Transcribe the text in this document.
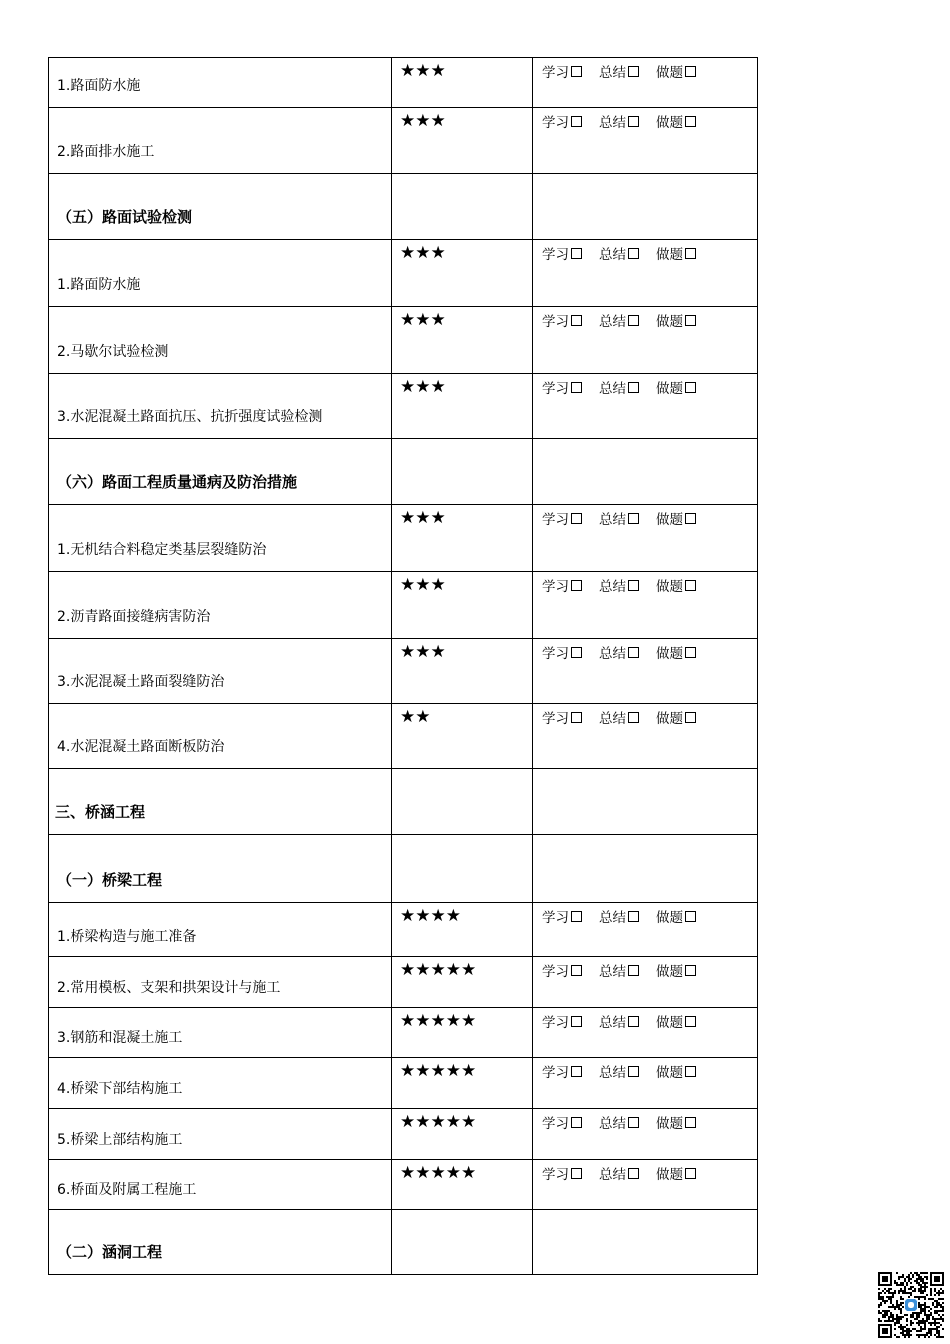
1.路面防水施	★★★	学习 总结 做题

2.路面排水施工	★★★	学习 总结 做题

（五）路面试验检测		

1.路面防水施	★★★	学习 总结 做题

2.马歇尔试验检测	★★★	学习 总结 做题

3.水泥混凝土路面抗压、抗折强度试验检测	★★★	学习 总结 做题

（六）路面工程质量通病及防治措施		

1.无机结合料稳定类基层裂缝防治	★★★	学习 总结 做题

2.沥青路面接缝病害防治	★★★	学习 总结 做题

3.水泥混凝土路面裂缝防治	★★★	学习 总结 做题

4.水泥混凝土路面断板防治	★★	学习 总结 做题

三、桥涵工程		

（一）桥梁工程		

1.桥梁构造与施工准备	★★★★	学习 总结 做题

2.常用模板、支架和拱架设计与施工	★★★★★	学习 总结 做题

3.钢筋和混凝土施工	★★★★★	学习 总结 做题

4.桥梁下部结构施工	★★★★★	学习 总结 做题

5.桥梁上部结构施工	★★★★★	学习 总结 做题

6.桥面及附属工程施工	★★★★★	学习 总结 做题

（二）涵洞工程		
